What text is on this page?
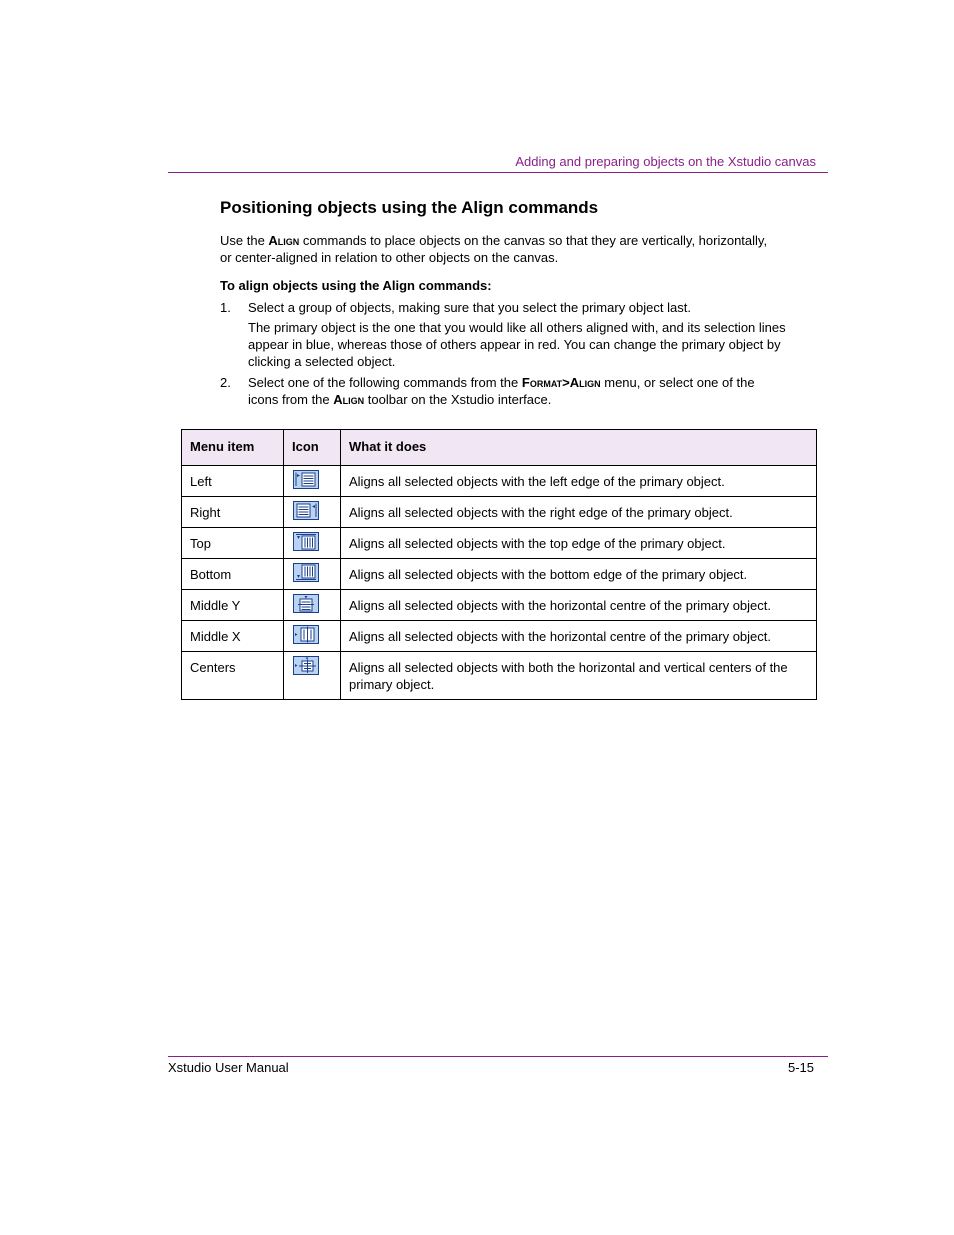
Adding and preparing objects on the Xstudio canvas
Positioning objects using the Align commands
Use the Align commands to place objects on the canvas so that they are vertically, horizontally, or center-aligned in relation to other objects on the canvas.
To align objects using the Align commands:
1. Select a group of objects, making sure that you select the primary object last.
The primary object is the one that you would like all others aligned with, and its selection lines appear in blue, whereas those of others appear in red. You can change the primary object by clicking a selected object.
2. Select one of the following commands from the Format>Align menu, or select one of the icons from the Align toolbar on the Xstudio interface.
Menu item	Icon	What it does
Left		Aligns all selected objects with the left edge of the primary object.
Right		Aligns all selected objects with the right edge of the primary object.
Top		Aligns all selected objects with the top edge of the primary object.
Bottom		Aligns all selected objects with the bottom edge of the primary object.
Middle Y		Aligns all selected objects with the horizontal centre of the primary object.
Middle X		Aligns all selected objects with the horizontal centre of the primary object.
Centers		Aligns all selected objects with both the horizontal and vertical centers of the primary object.
Xstudio User Manual	5-15
